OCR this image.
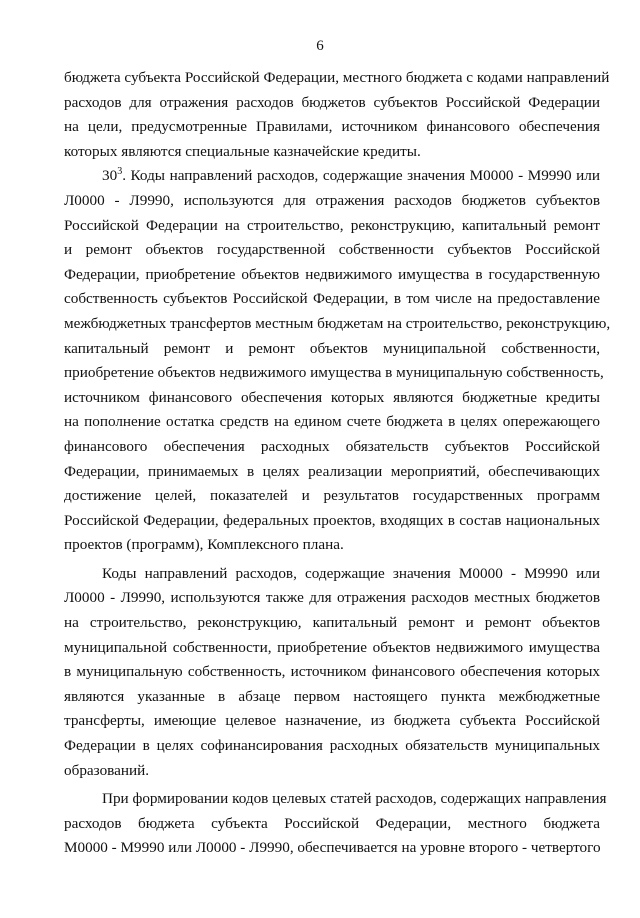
6
бюджета субъекта Российской Федерации, местного бюджета с кодами направлений
расходов для отражения расходов бюджетов субъектов Российской Федерации
на цели, предусмотренные Правилами, источником финансового обеспечения
которых являются специальные казначейские кредиты.
$30^3$. Коды направлений расходов, содержащие значения М0000 - М9990 или
Л0000 - Л9990, используются для отражения расходов бюджетов субъектов
Российской Федерации на строительство, реконструкцию, капитальный ремонт
и ремонт объектов государственной собственности субъектов Российской
Федерации, приобретение объектов недвижимого имущества в государственную
собственность субъектов Российской Федерации, в том числе на предоставление
межбюджетных трансфертов местным бюджетам на строительство, реконструкцию,
капитальный ремонт и ремонт объектов муниципальной собственности,
приобретение объектов недвижимого имущества в муниципальную собственность,
источником финансового обеспечения которых являются бюджетные кредиты
на пополнение остатка средств на едином счете бюджета в целях опережающего
финансового обеспечения расходных обязательств субъектов Российской
Федерации, принимаемых в целях реализации мероприятий, обеспечивающих
достижение целей, показателей и результатов государственных программ
Российской Федерации, федеральных проектов, входящих в состав национальных
проектов (программ), Комплексного плана.
Коды направлений расходов, содержащие значения М0000 - М9990 или
Л0000 - Л9990, используются также для отражения расходов местных бюджетов
на строительство, реконструкцию, капитальный ремонт и ремонт объектов
муниципальной собственности, приобретение объектов недвижимого имущества
в муниципальную собственность, источником финансового обеспечения которых
являются указанные в абзаце первом настоящего пункта межбюджетные
трансферты, имеющие целевое назначение, из бюджета субъекта Российской
Федерации в целях софинансирования расходных обязательств муниципальных
образований.
При формировании кодов целевых статей расходов, содержащих направления
расходов бюджета субъекта Российской Федерации, местного бюджета
М0000 - М9990 или Л0000 - Л9990, обеспечивается на уровне второго - четвертого
